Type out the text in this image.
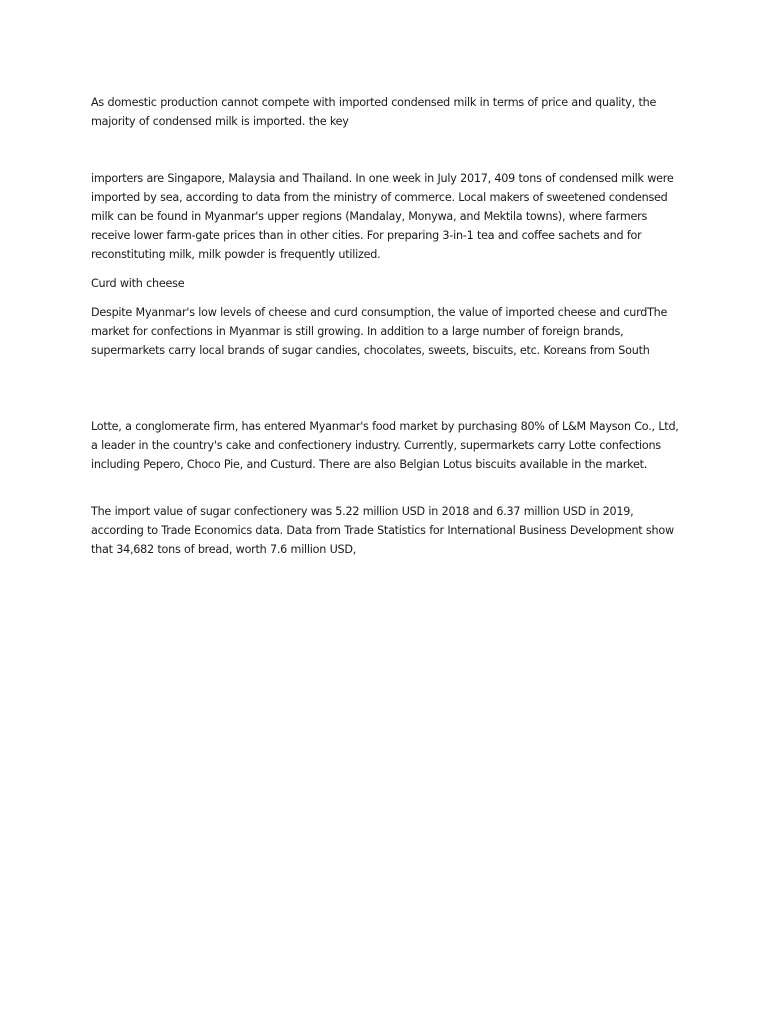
As domestic production cannot compete with imported condensed milk in terms of price and quality, the majority of condensed milk is imported. the key

importers are Singapore, Malaysia and Thailand. In one week in July 2017, 409 tons of condensed milk were imported by sea, according to data from the ministry of commerce. Local makers of sweetened condensed milk can be found in Myanmar's upper regions (Mandalay, Monywa, and Mektila towns), where farmers receive lower farm-gate prices than in other cities. For preparing 3-in-1 tea and coffee sachets and for reconstituting milk, milk powder is frequently utilized.

Curd with cheese

Despite Myanmar's low levels of cheese and curd consumption, the value of imported cheese and curdThe market for confections in Myanmar is still growing. In addition to a large number of foreign brands, supermarkets carry local brands of sugar candies, chocolates, sweets, biscuits, etc. Koreans from South

Lotte, a conglomerate firm, has entered Myanmar's food market by purchasing 80% of L&M Mayson Co., Ltd, a leader in the country's cake and confectionery industry. Currently, supermarkets carry Lotte confections including Pepero, Choco Pie, and Custurd. There are also Belgian Lotus biscuits available in the market.

The import value of sugar confectionery was 5.22 million USD in 2018 and 6.37 million USD in 2019, according to Trade Economics data. Data from Trade Statistics for International Business Development show that 34,682 tons of bread, worth 7.6 million USD,
